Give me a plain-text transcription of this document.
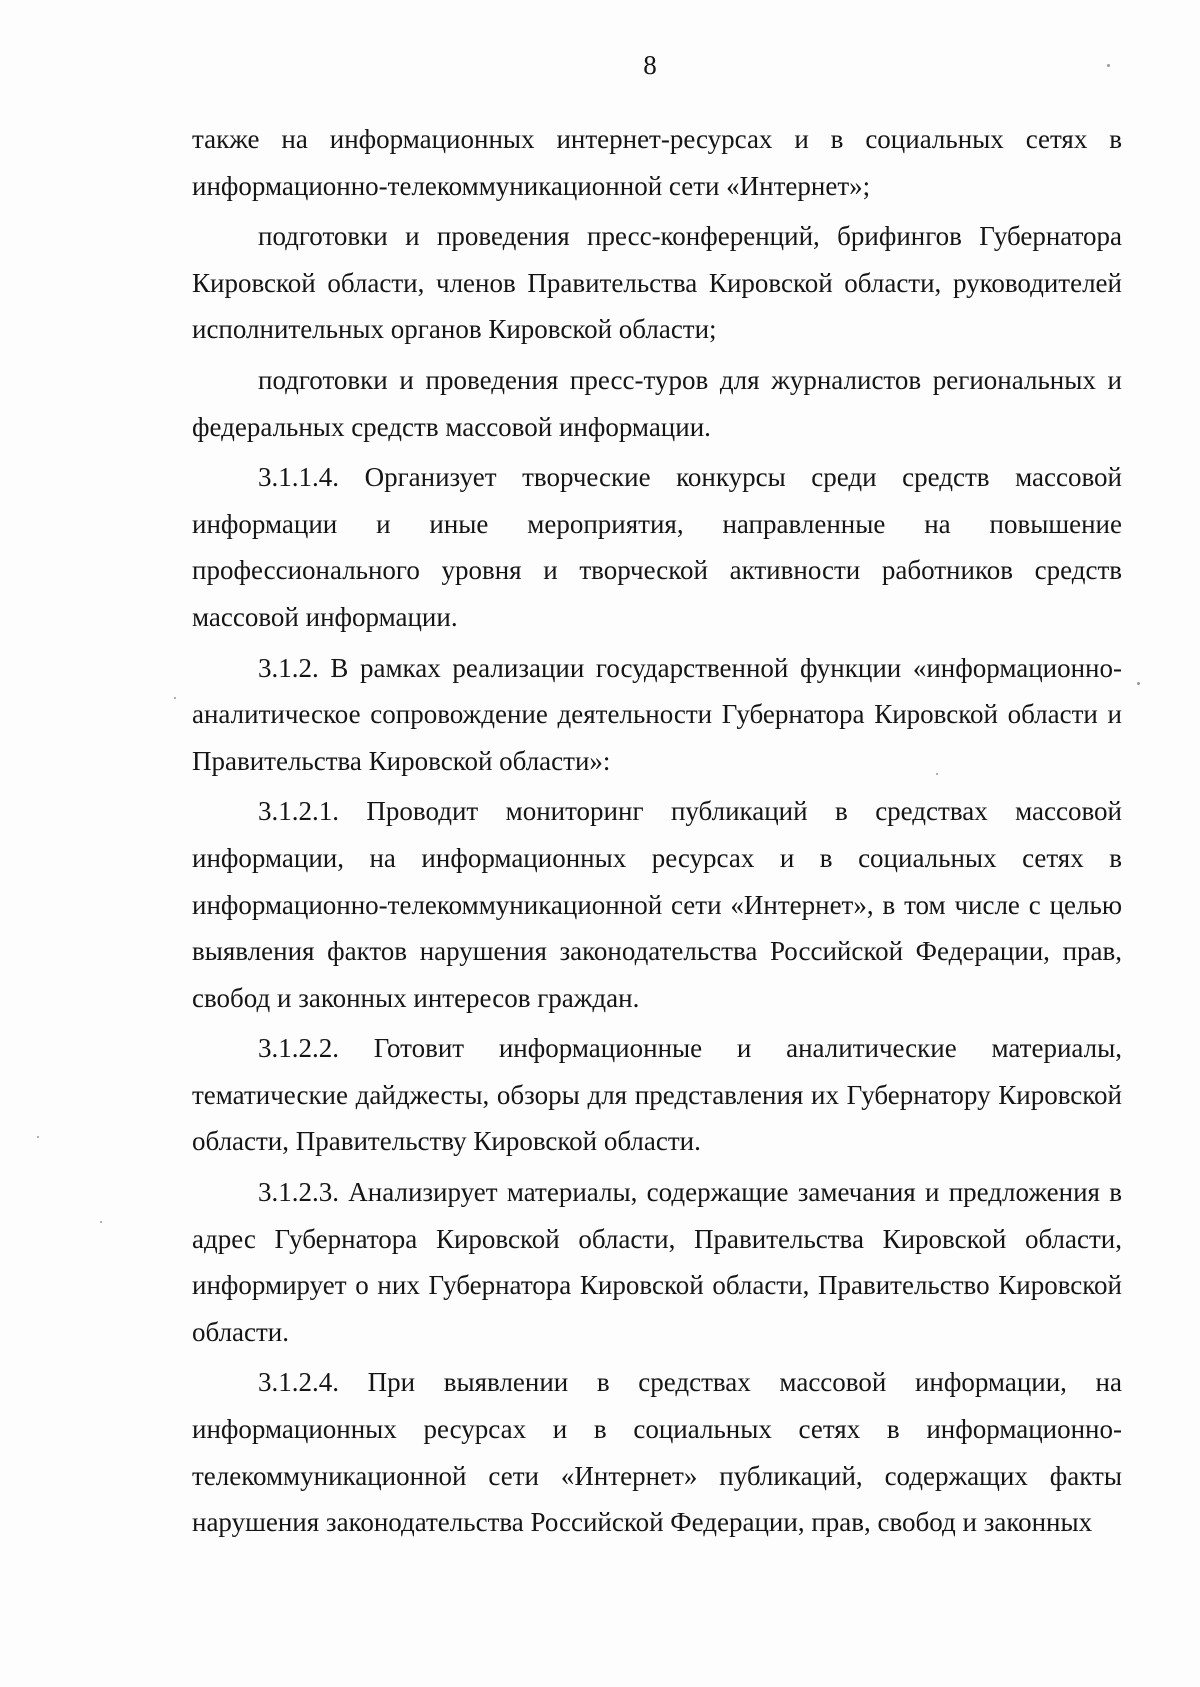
8

также на информационных интернет-ресурсах и в социальных сетях в информационно-телекоммуникационной сети «Интернет»;

подготовки и проведения пресс-конференций, брифингов Губернатора Кировской области, членов Правительства Кировской области, руководителей исполнительных органов Кировской области;

подготовки и проведения пресс-туров для журналистов региональных и федеральных средств массовой информации.

3.1.1.4. Организует творческие конкурсы среди средств массовой информации и иные мероприятия, направленные на повышение профессионального уровня и творческой активности работников средств массовой информации.

3.1.2. В рамках реализации государственной функции «информационно-аналитическое сопровождение деятельности Губернатора Кировской области и Правительства Кировской области»:

3.1.2.1. Проводит мониторинг публикаций в средствах массовой информации, на информационных ресурсах и в социальных сетях в информационно-телекоммуникационной сети «Интернет», в том числе с целью выявления фактов нарушения законодательства Российской Федерации, прав, свобод и законных интересов граждан.

3.1.2.2. Готовит информационные и аналитические материалы, тематические дайджесты, обзоры для представления их Губернатору Кировской области, Правительству Кировской области.

3.1.2.3. Анализирует материалы, содержащие замечания и предложения в адрес Губернатора Кировской области, Правительства Кировской области, информирует о них Губернатора Кировской области, Правительство Кировской области.

3.1.2.4. При выявлении в средствах массовой информации, на информационных ресурсах и в социальных сетях в информационно-телекоммуникационной сети «Интернет» публикаций, содержащих факты нарушения законодательства Российской Федерации, прав, свобод и законных
